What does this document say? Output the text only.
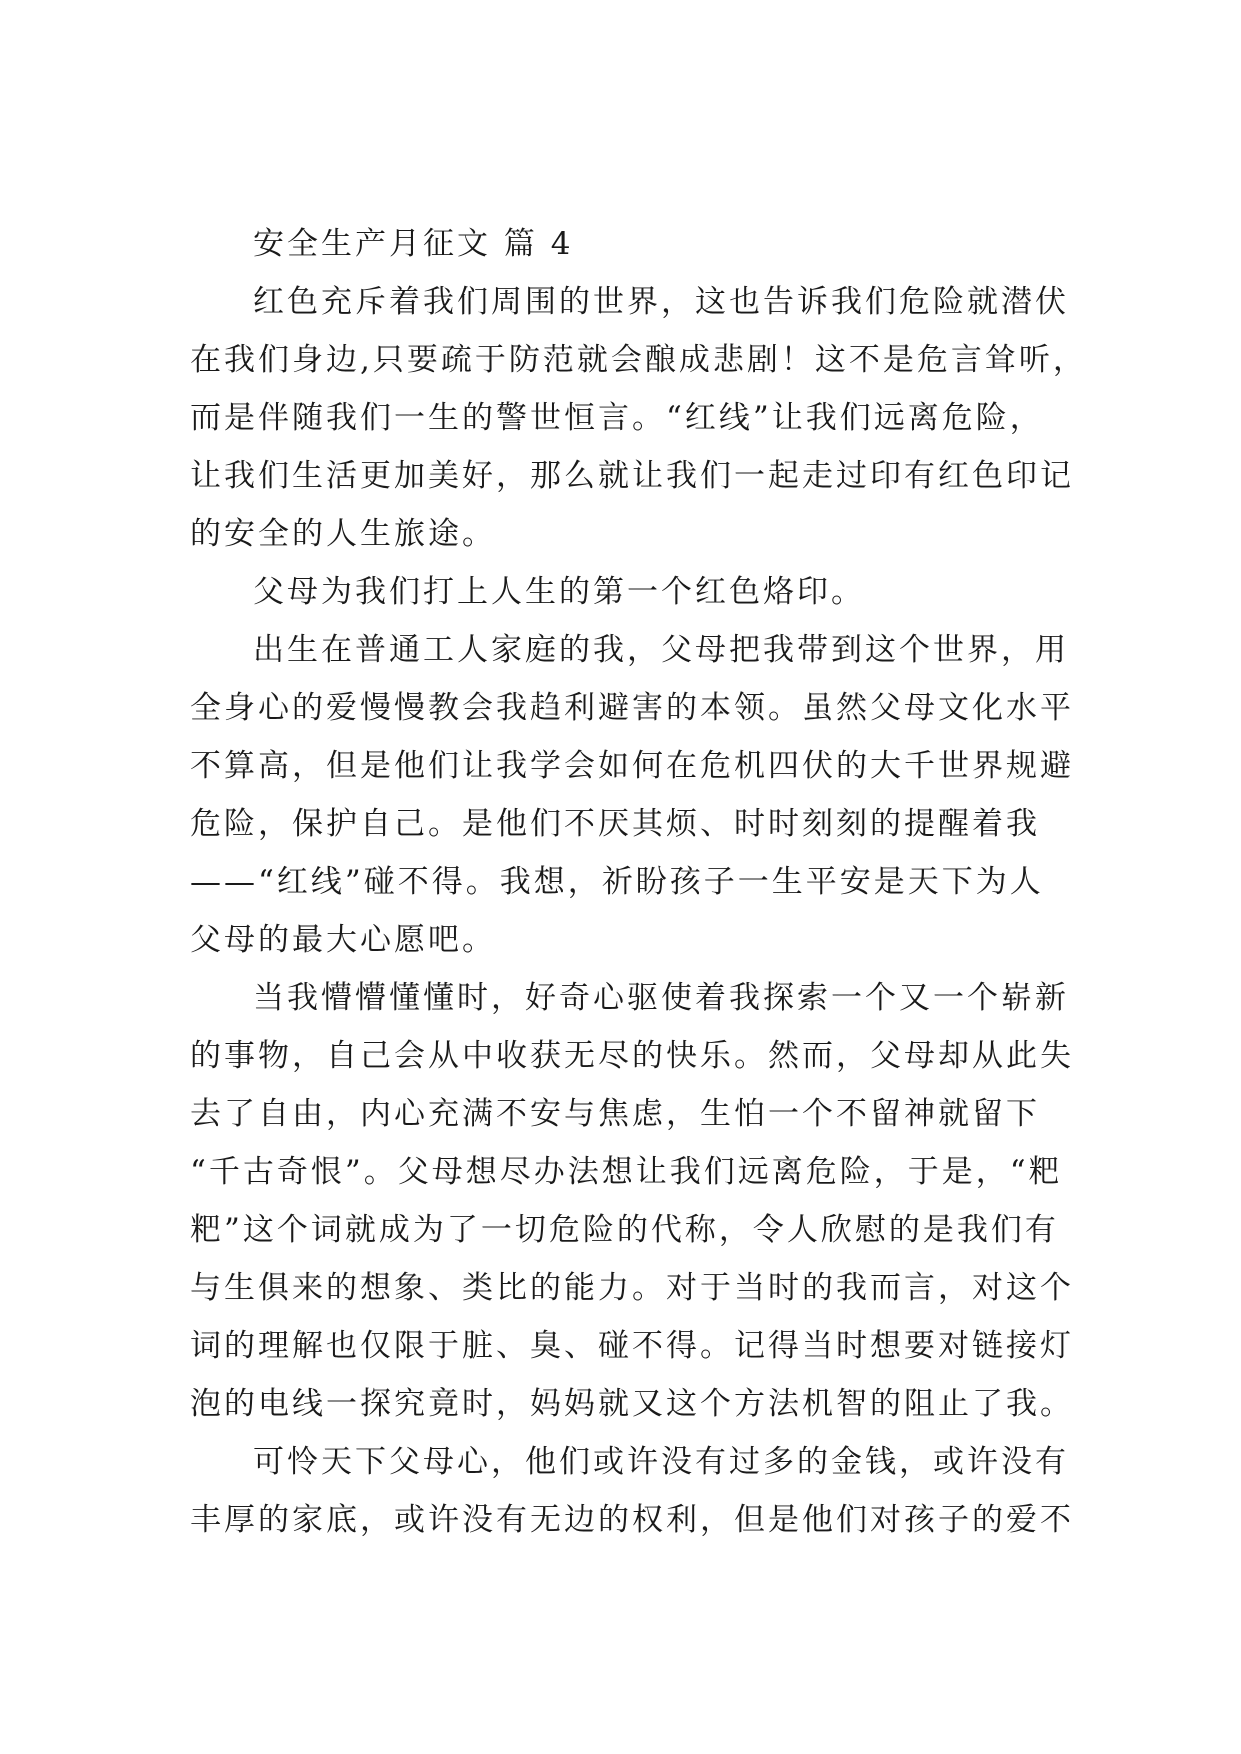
安全生产月征文 篇 4
红色充斥着我们周围的世界，这也告诉我们危险就潜伏
在我们身边,只要疏于防范就会酿成悲剧！这不是危言耸听，
而是伴随我们一生的警世恒言。“红线”让我们远离危险，
让我们生活更加美好，那么就让我们一起走过印有红色印记
的安全的人生旅途。
父母为我们打上人生的第一个红色烙印。
出生在普通工人家庭的我，父母把我带到这个世界，用
全身心的爱慢慢教会我趋利避害的本领。虽然父母文化水平
不算高，但是他们让我学会如何在危机四伏的大千世界规避
危险，保护自己。是他们不厌其烦、时时刻刻的提醒着我
——“红线”碰不得。我想，祈盼孩子一生平安是天下为人
父母的最大心愿吧。
当我懵懵懂懂时，好奇心驱使着我探索一个又一个崭新
的事物，自己会从中收获无尽的快乐。然而，父母却从此失
去了自由，内心充满不安与焦虑，生怕一个不留神就留下
“千古奇恨”。父母想尽办法想让我们远离危险，于是，“粑
粑”这个词就成为了一切危险的代称，令人欣慰的是我们有
与生俱来的想象、类比的能力。对于当时的我而言，对这个
词的理解也仅限于脏、臭、碰不得。记得当时想要对链接灯
泡的电线一探究竟时，妈妈就又这个方法机智的阻止了我。
可怜天下父母心，他们或许没有过多的金钱，或许没有
丰厚的家底，或许没有无边的权利，但是他们对孩子的爱不
